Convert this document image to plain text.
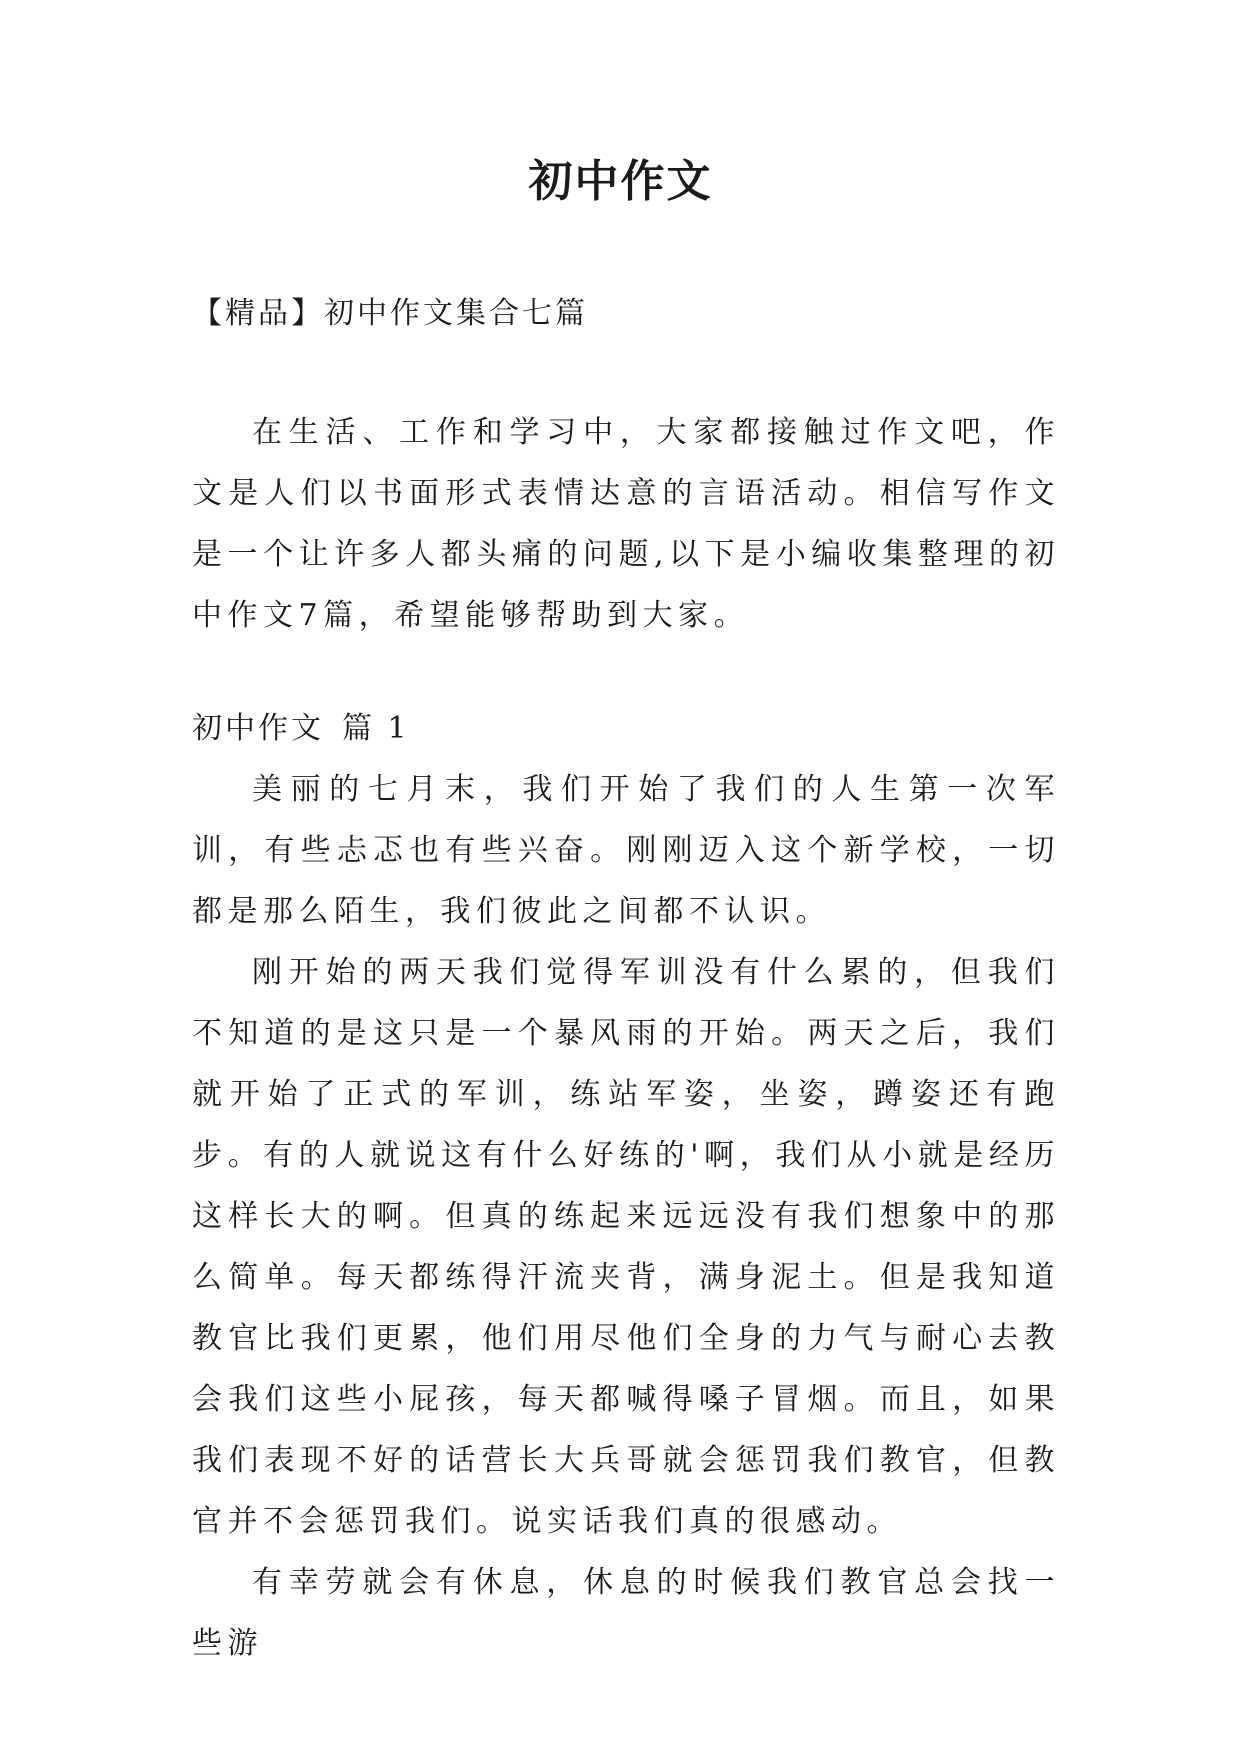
初中作文
【精品】初中作文集合七篇

在生活、工作和学习中，大家都接触过作文吧，作文是人们以书面形式表情达意的言语活动。相信写作文是一个让许多人都头痛的问题,以下是小编收集整理的初中作文7篇，希望能够帮助到大家。

初中作文 篇 1

美丽的七月末，我们开始了我们的人生第一次军训，有些忐忑也有些兴奋。刚刚迈入这个新学校，一切都是那么陌生，我们彼此之间都不认识。

刚开始的两天我们觉得军训没有什么累的，但我们不知道的是这只是一个暴风雨的开始。两天之后，我们就开始了正式的军训，练站军姿，坐姿，蹲姿还有跑步。有的人就说这有什么好练的'啊，我们从小就是经历这样长大的啊。但真的练起来远远没有我们想象中的那么简单。每天都练得汗流夹背，满身泥土。但是我知道教官比我们更累，他们用尽他们全身的力气与耐心去教会我们这些小屁孩，每天都喊得嗓子冒烟。而且，如果我们表现不好的话营长大兵哥就会惩罚我们教官，但教官并不会惩罚我们。说实话我们真的很感动。

有幸劳就会有休息，休息的时候我们教官总会找一些游
